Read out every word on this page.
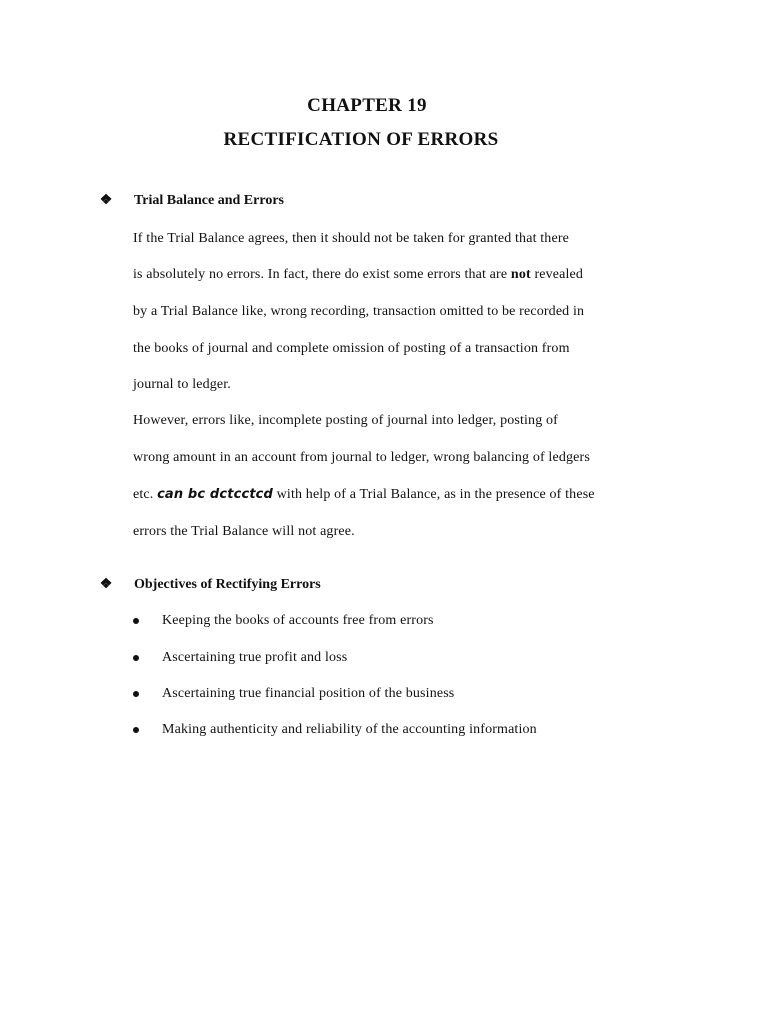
CHAPTER 19
RECTIFICATION OF ERRORS
❖ Trial Balance and Errors
If the Trial Balance agrees, then it should not be taken for granted that there
is absolutely no errors. In fact, there do exist some errors that are not revealed
by a Trial Balance like, wrong recording, transaction omitted to be recorded in
the books of journal and complete omission of posting of a transaction from
journal to ledger.
However, errors like, incomplete posting of journal into ledger, posting of
wrong amount in an account from journal to ledger, wrong balancing of ledgers
etc. can bc dctcctcd with help of a Trial Balance, as in the presence of these
errors the Trial Balance will not agree.
❖ Objectives of Rectifying Errors
Keeping the books of accounts free from errors
Ascertaining true profit and loss
Ascertaining true financial position of the business
Making authenticity and reliability of the accounting information
